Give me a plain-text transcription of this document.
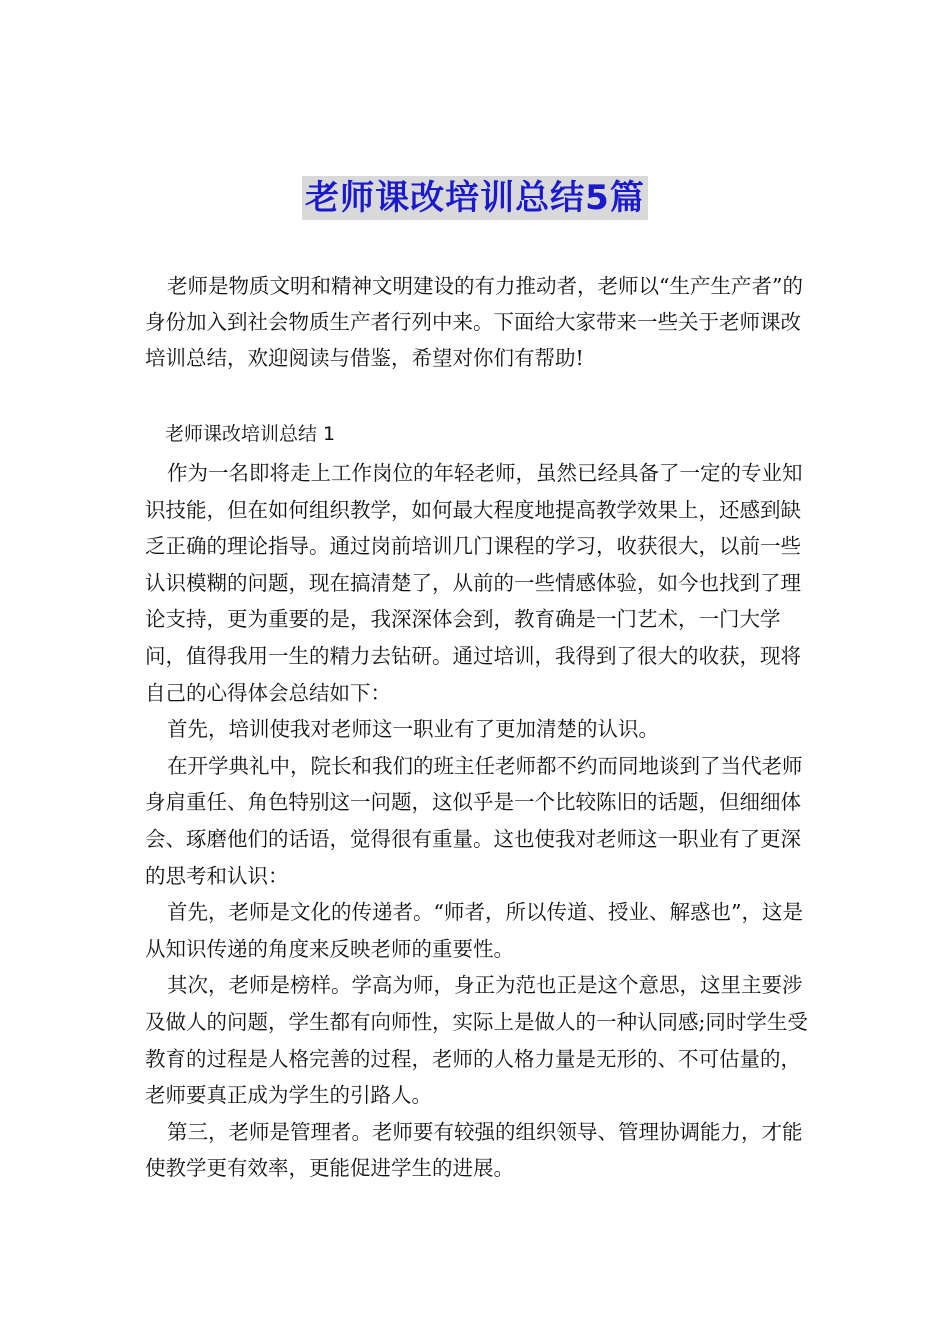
老师课改培训总结5篇

老师是物质文明和精神文明建设的有力推动者，老师以“生产生产者”的身份加入到社会物质生产者行列中来。下面给大家带来一些关于老师课改培训总结，欢迎阅读与借鉴，希望对你们有帮助!

老师课改培训总结 1

作为一名即将走上工作岗位的年轻老师，虽然已经具备了一定的专业知识技能，但在如何组织教学，如何最大程度地提高教学效果上，还感到缺乏正确的理论指导。通过岗前培训几门课程的学习，收获很大，以前一些认识模糊的问题，现在搞清楚了，从前的一些情感体验，如今也找到了理论支持，更为重要的是，我深深体会到，教育确是一门艺术，一门大学问，值得我用一生的精力去钻研。通过培训，我得到了很大的收获，现将自己的心得体会总结如下：

首先，培训使我对老师这一职业有了更加清楚的认识。

在开学典礼中，院长和我们的班主任老师都不约而同地谈到了当代老师身肩重任、角色特别这一问题，这似乎是一个比较陈旧的话题，但细细体会、琢磨他们的话语，觉得很有重量。这也使我对老师这一职业有了更深的思考和认识：

首先，老师是文化的传递者。“师者，所以传道、授业、解惑也”，这是从知识传递的角度来反映老师的重要性。

其次，老师是榜样。学高为师，身正为范也正是这个意思，这里主要涉及做人的问题，学生都有向师性，实际上是做人的一种认同感;同时学生受教育的过程是人格完善的过程，老师的人格力量是无形的、不可估量的，老师要真正成为学生的引路人。

第三，老师是管理者。老师要有较强的组织领导、管理协调能力，才能使教学更有效率，更能促进学生的进展。
